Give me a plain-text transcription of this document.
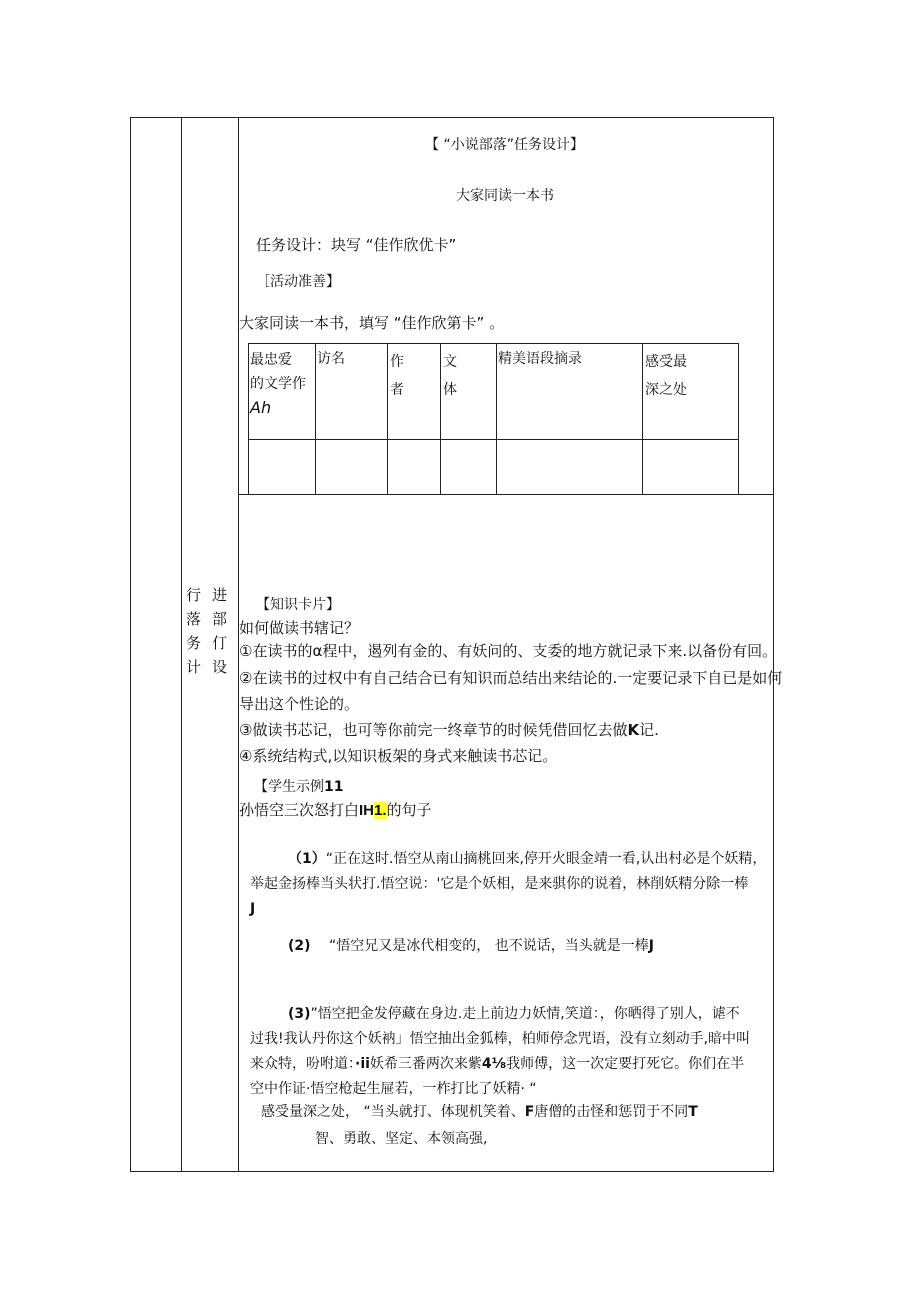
行
落
务
计
进
部
仃
设
【 “小说部落”任务设计】
大家同读一本书
任务设计：块写 “佳作欣优卡”
［活动准善】
大家同读一本书，填写 “佳作欣第卡” 。
最忠爱
的文学作
Ah
访名	作
者
文
体
精美语段摘录	感受最
深之处
【知识卡片】
如何做读书辖记？
①在读书的α程中，遏列有金的、有妖问的、支委的地方就记录下来.以备份有回。
②在读书的过权中有自己结合已有知识而总结出来结论的.一定要记录下自已是如何
导出这个性论的。
③做读书芯记，也可等你前完一终章节的时候凭借回忆去做K记.
④系统结构式,以知识板架的身式来触读书芯记。
【学生示例11
孙悟空三次怒打白IH1.的句子
（1）“正在这时.悟空从南山摘桃回来,停开火眼金靖一看,认出村必是个妖精，
举起金扬棒当头状打.悟空说：'它是个妖相，是来骐你的说着，林削妖精分除一棒
J
(2) “悟空兄又是冰代相变的， 也不说话，当头就是一棒J
(3)”悟空把金发停藏在身边.走上前边力妖情,笑道：，你晒得了别人，谑不
过我!我认丹你这个妖衲」悟空抽出金狐棒，柏师停念咒语，没有立刻动手,暗中叫
来众特，吩咐道：·ii妖希三番两次来紫4⅛我师傅，这一次定要打死它。你们在半
空中作证·悟空枪起生屉若，一柞打比了妖精· “
感受量深之处， “当头就打、体现机笑着、F唐僧的击怪和惩罚于不同T
智、勇敢、坚定、本领高强,
